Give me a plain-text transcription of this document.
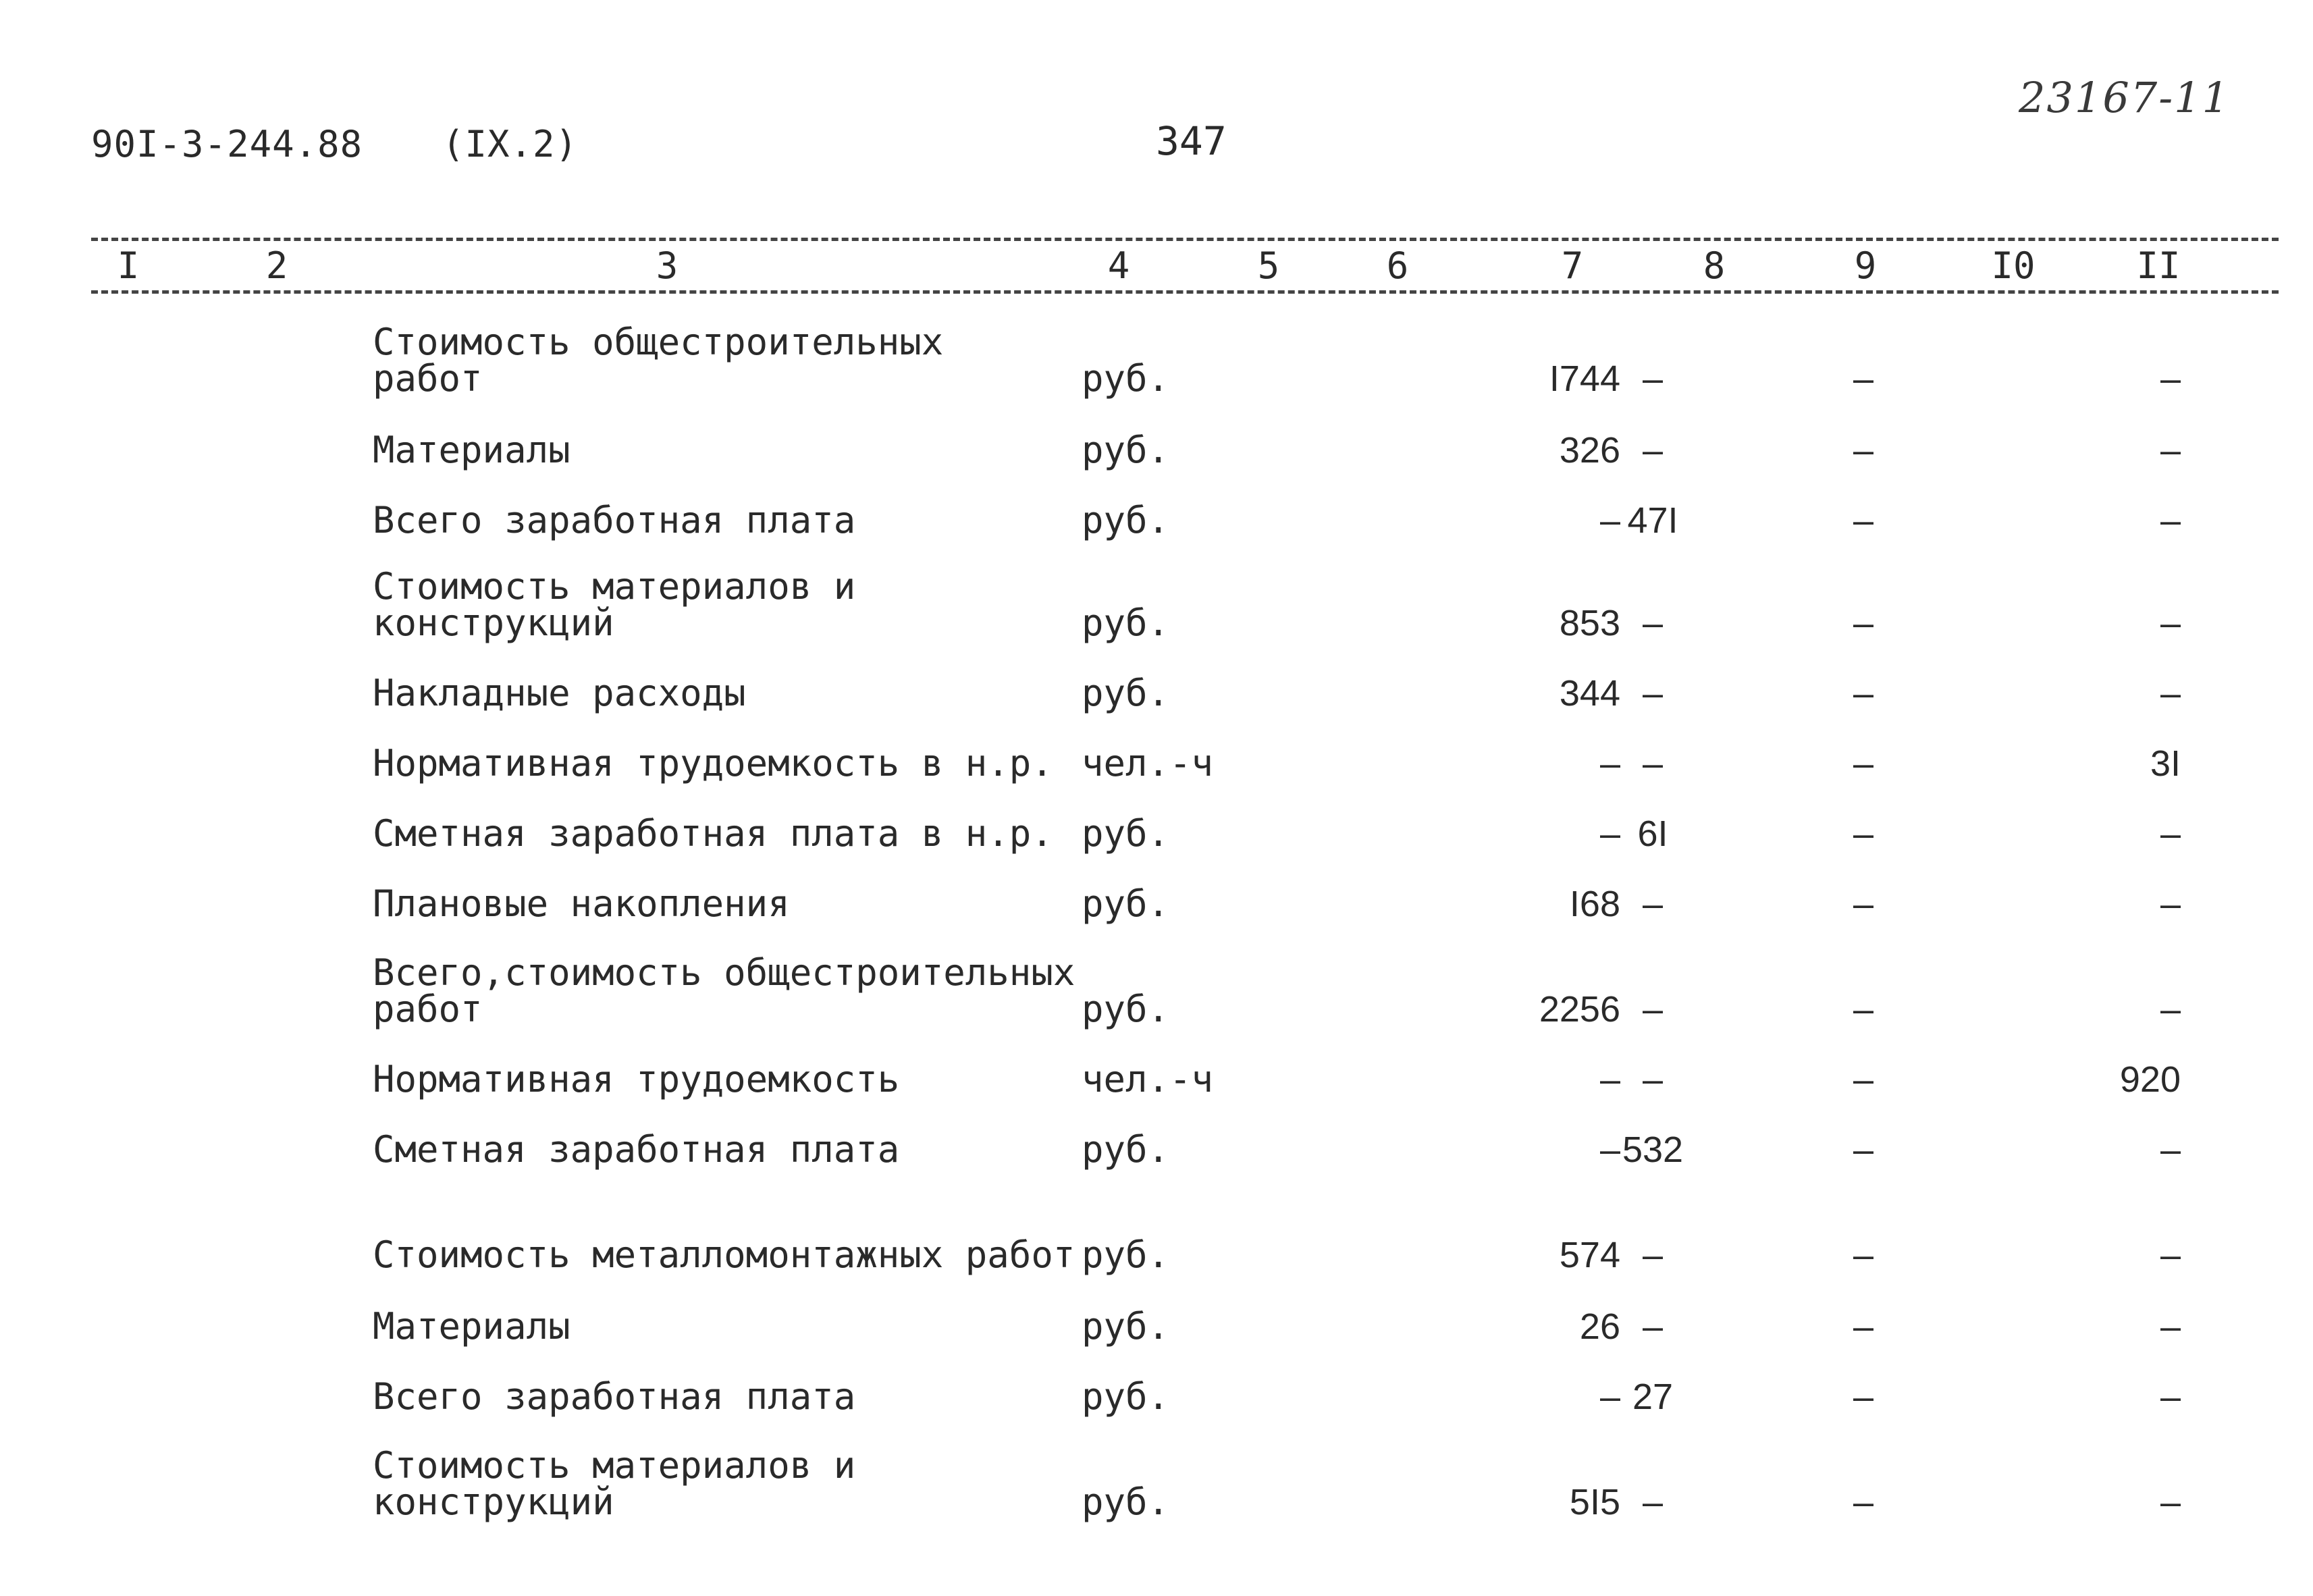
90I-3-244.88 (IX.2)	347
23167-11
I	2	3	4	5	6	7	8	9	I0	II
Стоимость общестроительных
работ	руб.	I744 –	–	–
Материалы	руб.	326 –	–	–
Всего заработная плата	руб.	– 47I	–	–
Стоимость материалов и
конструкций	руб.	853 –	–	–
Накладные расходы	руб.	344 –	–	–
Нормативная трудоемкость в н.р. чел.-ч	– –	–	3I
Сметная заработная плата в н.р. руб.	– 6I	–	–
Плановые накопления	руб.	I68 –	–	–
Всего,стоимость общестроительных
работ	руб.	2256 –	–	–
Нормативная трудоемкость	чел.-ч	– –	–	920
Сметная заработная плата	руб.	– 532	–	–
Стоимость металломонтажных работ руб.	574 –	–	–
Материалы	руб.	26 –	–	–
Всего заработная плата	руб.	– 27	–	–
Стоимость материалов и
конструкций	руб.	5I5 –	–	–
